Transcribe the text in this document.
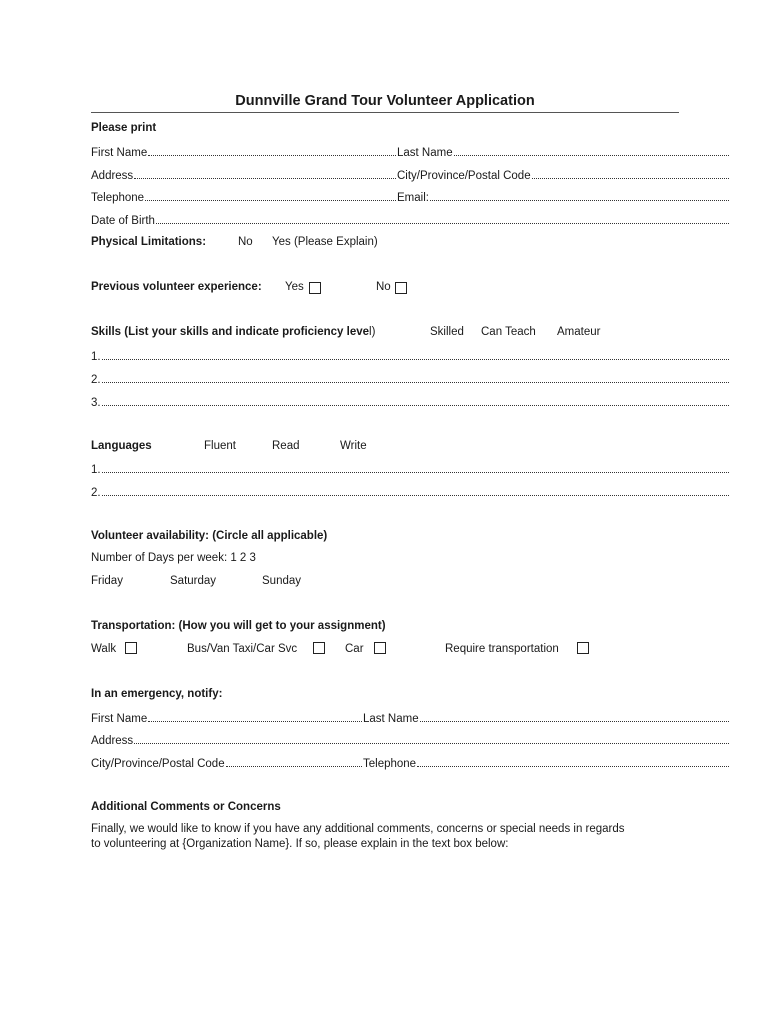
Dunnville Grand Tour Volunteer Application
Please print
First Name	Last Name
Address	City/Province/Postal Code
Telephone	Email:
Date of Birth
Physical Limitations:	No Yes (Please Explain)
Previous volunteer experience: Yes	No
Skills (List your skills and indicate proficiency level)	Skilled Can Teach Amateur
1.
2.
3.
Languages	Fluent	Read	Write
1.
2.
Volunteer availability: (Circle all applicable)
Number of Days per week: 1 2 3
Friday	Saturday	Sunday
Transportation: (How you will get to your assignment)
Walk	Bus/Van Taxi/Car Svc	Car	Require transportation
In an emergency, notify:
First Name	Last Name
Address
City/Province/Postal Code	Telephone
Additional Comments or Concerns
Finally, we would like to know if you have any additional comments, concerns or special needs in regards
to volunteering at {Organization Name}. If so, please explain in the text box below:
